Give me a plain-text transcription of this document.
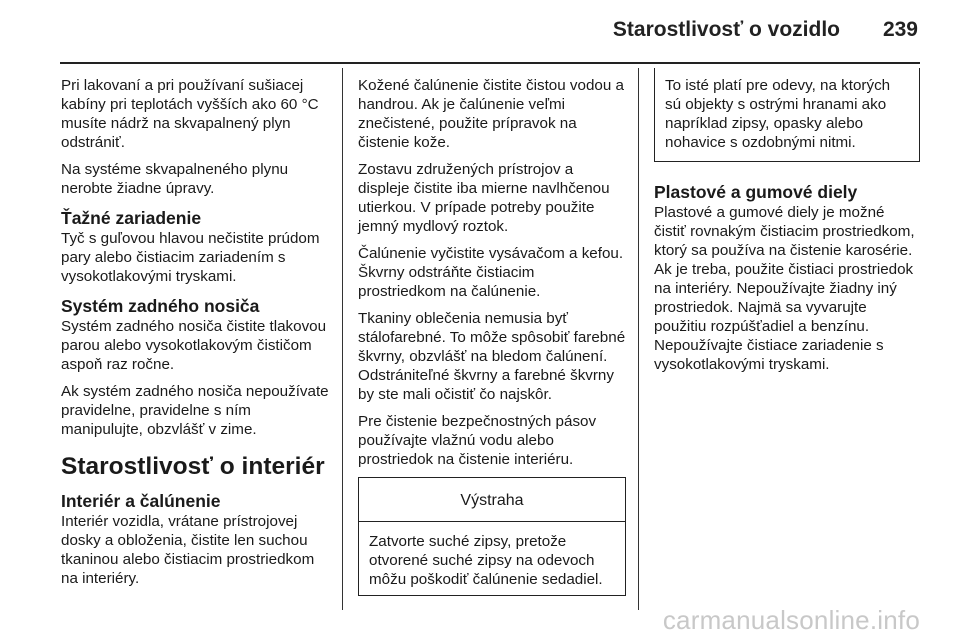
Starostlivosť o vozidlo 239

Pri lakovaní a pri používaní sušiacej kabíny pri teplotách vyšších ako 60 °C musíte nádrž na skvapalnený plyn odstrániť.

Na systéme skvapalneného plynu nerobte žiadne úpravy.

Ťažné zariadenie

Tyč s guľovou hlavou nečistite prúdom pary alebo čistiacim zariadením s vysokotlakovými tryskami.

Systém zadného nosiča

Systém zadného nosiča čistite tlakovou parou alebo vysokotlakovým čističom aspoň raz ročne.

Ak systém zadného nosiča nepoužívate pravidelne, pravidelne s ním manipulujte, obzvlášť v zime.

Starostlivosť o interiér
Interiér a čalúnenie

Interiér vozidla, vrátane prístrojovej dosky a obloženia, čistite len suchou tkaninou alebo čistiacim prostriedkom na interiéry.

Kožené čalúnenie čistite čistou vodou a handrou. Ak je čalúnenie veľmi znečistené, použite prípravok na čistenie kože.

Zostavu združených prístrojov a displeje čistite iba mierne navlhčenou utierkou. V prípade potreby použite jemný mydlový roztok.

Čalúnenie vyčistite vysávačom a kefou. Škvrny odstráňte čistiacim prostriedkom na čalúnenie.

Tkaniny oblečenia nemusia byť stálofarebné. To môže spôsobiť farebné škvrny, obzvlášť na bledom čalúnení. Odstrániteľné škvrny a farebné škvrny by ste mali očistiť čo najskôr.

Pre čistenie bezpečnostných pásov používajte vlažnú vodu alebo prostriedok na čistenie interiéru.

Výstraha
Zatvorte suché zipsy, pretože otvorené suché zipsy na odevoch môžu poškodiť čalúnenie sedadiel.
To isté platí pre odevy, na ktorých sú objekty s ostrými hranami ako napríklad zipsy, opasky alebo nohavice s ozdobnými nitmi.
Plastové a gumové diely

Plastové a gumové diely je možné čistiť rovnakým čistiacim prostriedkom, ktorý sa používa na čistenie karosérie. Ak je treba, použite čistiaci prostriedok na interiéry. Nepoužívajte žiadny iný prostriedok. Najmä sa vyvarujte použitiu rozpúšťadiel a benzínu. Nepoužívajte čistiace zariadenie s vysokotlakovými tryskami.

carmanualsonline.info
